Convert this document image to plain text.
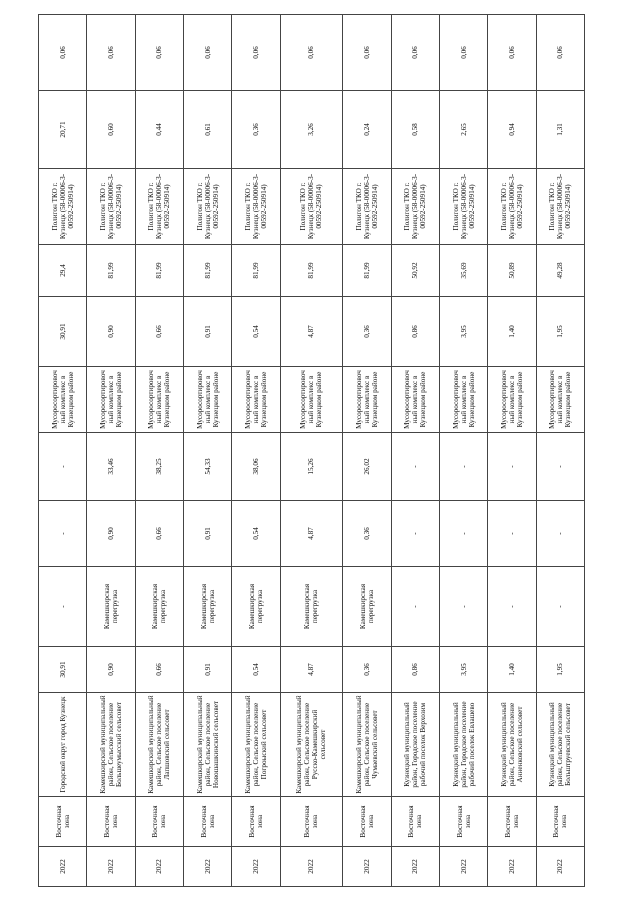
2022	Восточная зона	Городской округ город Кузнецк	30,91	-	-	-	Мусоросортировочный комплекс в Кузнецком районе	30,91	29,4	Полигон ТКО г. Кузнецк (58-00006-3-00592-250914)	20,71	0,06
2022	Восточная зона	Камешкирский муниципальный район, Сельское поселение Большеумысский сельсовет	0,90	Камешкирская перегрузка	0,90	33,46	Мусоросортировочный комплекс в Кузнецком районе	0,90	81,99	Полигон ТКО г. Кузнецк (58-00006-3-00592-250914)	0,60	0,06
2022	Восточная зона	Камешкирский муниципальный район, Сельское поселение Лапшовский сельсовет	0,66	Камешкирская перегрузка	0,66	38,25	Мусоросортировочный комплекс в Кузнецком районе	0,66	81,99	Полигон ТКО г. Кузнецк (58-00006-3-00592-250914)	0,44	0,06
2022	Восточная зона	Камешкирский муниципальный район, Сельское поселение Новошашкинский сельсовет	0,91	Камешкирская перегрузка	0,91	54,33	Мусоросортировочный комплекс в Кузнецком районе	0,91	81,99	Полигон ТКО г. Кузнецк (58-00006-3-00592-250914)	0,61	0,06
2022	Восточная зона	Камешкирский муниципальный район, Сельское поселение Погроыский сельсовет	0,54	Камешкирская перегрузка	0,54	38,06	Мусоросортировочный комплекс в Кузнецком районе	0,54	81,99	Полигон ТКО г. Кузнецк (58-00006-3-00592-250914)	0,36	0,06
2022	Восточная зона	Камешкирский муниципальный район, Сельское поселение Русско-Камешкирский сельсовет	4,87	Камешкирская перегрузка	4,87	15,26	Мусоросортировочный комплекс в Кузнецком районе	4,87	81,99	Полигон ТКО г. Кузнецк (58-00006-3-00592-250914)	3,26	0,06
2022	Восточная зона	Камешкирский муниципальный район, Сельское поселение Чумаевский сельсовет	0,36	Камешкирская перегрузка	0,36	26,02	Мусоросортировочный комплекс в Кузнецком районе	0,36	81,99	Полигон ТКО г. Кузнецк (58-00006-3-00592-250914)	0,24	0,06
2022	Восточная зона	Кузнецкий муниципальный район, Городское поселение рабочий поселок Верхозим	0,86	-	-	-	Мусоросортировочный комплекс в Кузнецком районе	0,86	50,92	Полигон ТКО г. Кузнецк (58-00006-3-00592-250914)	0,58	0,06
2022	Восточная зона	Кузнецкий муниципальный район, Городское поселение рабочий поселок Евлашево	3,95	-	-	-	Мусоросортировочный комплекс в Кузнецком районе	3,95	35,69	Полигон ТКО г. Кузнецк (58-00006-3-00592-250914)	2,65	0,06
2022	Восточная зона	Кузнецкий муниципальный район, Сельское поселение Анненковский сельсовет	1,40	-	-	-	Мусоросортировочный комплекс в Кузнецком районе	1,40	50,89	Полигон ТКО г. Кузнецк (58-00006-3-00592-250914)	0,94	0,06
2022	Восточная зона	Кузнецкий муниципальный район, Сельское поселение Больштруевский сельсовет	1,95	-	-	-	Мусоросортировочный комплекс в Кузнецком районе	1,95	49,28	Полигон ТКО г. Кузнецк (58-00006-3-00592-250914)	1,31	0,06
